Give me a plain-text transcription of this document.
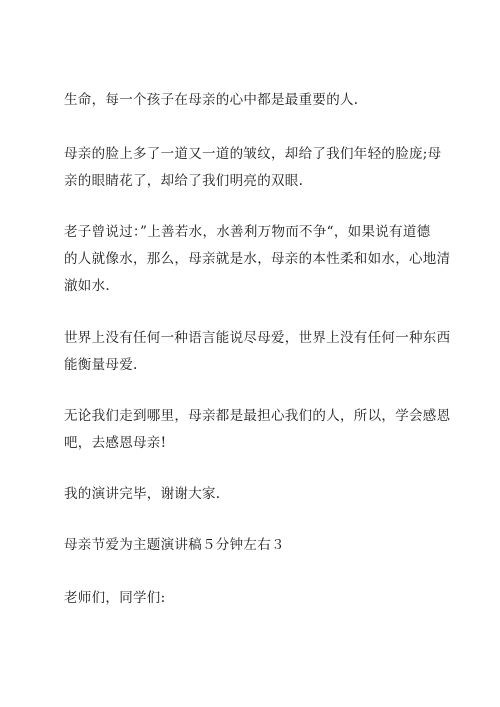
生命，每一个孩子在母亲的心中都是最重要的人.

母亲的脸上多了一道又一道的皱纹，却给了我们年轻的脸庞;母
亲的眼睛花了，却给了我们明亮的双眼.

老子曾说过：”上善若水，水善利万物而不争“，如果说有道德
的人就像水，那么，母亲就是水，母亲的本性柔和如水，心地清
澈如水.

世界上没有任何一种语言能说尽母爱，世界上没有任何一种东西
能衡量母爱.

无论我们走到哪里，母亲都是最担心我们的人，所以，学会感恩
吧，去感恩母亲!

我的演讲完毕，谢谢大家.

母亲节爱为主题演讲稿５分钟左右３

老师们，同学们:
